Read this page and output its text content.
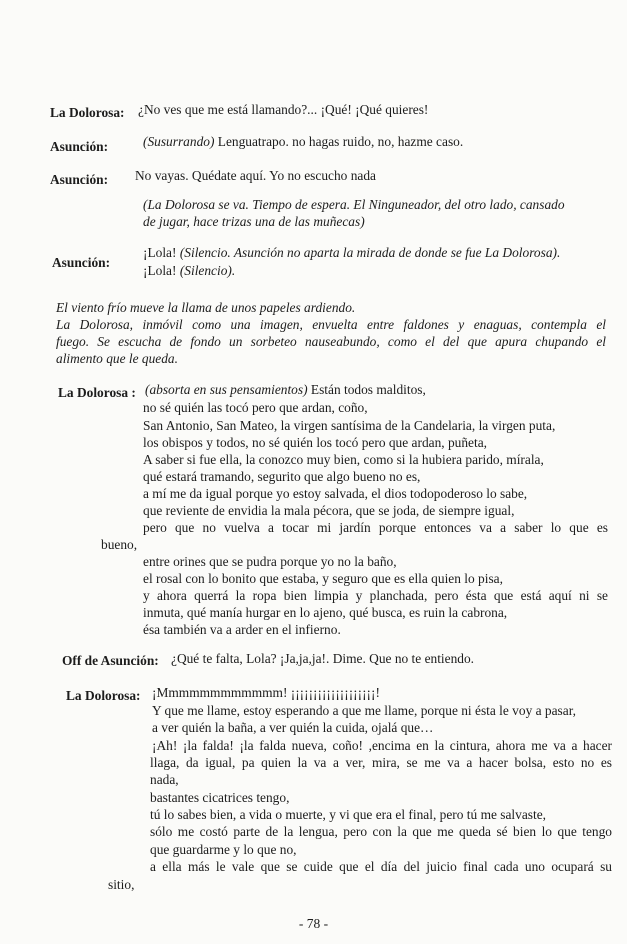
La Dolorosa: ¿No ves que me está llamando?... ¡Qué! ¡Qué quieres!
Asunción:	(Susurrando) Lenguatrapo. no hagas ruido, no, hazme caso.
Asunción: No vayas. Quédate aquí. Yo no escucho nada
(La Dolorosa se va. Tiempo de espera. El Ninguneador, del otro lado, cansado
de jugar, hace trizas una de las muñecas)
Asunción:
¡Lola! (Silencio. Asunción no aparta la mirada de donde se fue La Dolorosa).
¡Lola! (Silencio).
El viento frío mueve la llama de unos papeles ardiendo.
La Dolorosa, inmóvil como una imagen, envuelta entre faldones y enaguas, contempla el
fuego. Se escucha de fondo un sorbeteo nauseabundo, como el del que apura chupando el
alimento que le queda.
La Dolorosa : (absorta en sus pensamientos) Están todos malditos,
no sé quién las tocó pero que ardan, coño,
San Antonio, San Mateo, la virgen santísima de la Candelaria, la virgen puta,
los obispos y todos, no sé quién los tocó pero que ardan, puñeta,
A saber si fue ella, la conozco muy bien, como si la hubiera parido, mírala,
qué estará tramando, segurito que algo bueno no es,
a mí me da igual porque yo estoy salvada, el dios todopoderoso lo sabe,
que reviente de envidia la mala pécora, que se joda, de siempre igual,
pero que no vuelva a tocar mi jardín porque entonces va a saber lo que es
bueno,
entre orines que se pudra porque yo no la baño,
el rosal con lo bonito que estaba, y seguro que es ella quien lo pisa,
y ahora querrá la ropa bien limpia y planchada, pero ésta que está aquí ni se
inmuta, qué manía hurgar en lo ajeno, qué busca, es ruin la cabrona,
ésa también va a arder en el infierno.
Off de Asunción: ¿Qué te falta, Lola? ¡Ja,ja,ja!. Dime. Que no te entiendo.
La Dolorosa: ¡Mmmmmmmmmmmm! ¡¡¡¡¡¡¡¡¡¡¡¡¡¡¡¡¡¡¡!
Y que me llame, estoy esperando a que me llame, porque ni ésta le voy a pasar,
a ver quién la baña, a ver quién la cuida, ojalá que…
¡Ah! ¡la falda! ¡la falda nueva, coño! ,encima en la cintura, ahora me va a hacer
llaga, da igual, pa quien la va a ver, mira, se me va a hacer bolsa, esto no es
nada,
bastantes cicatrices tengo,
tú lo sabes bien, a vida o muerte, y vi que era el final, pero tú me salvaste,
sólo me costó parte de la lengua, pero con la que me queda sé bien lo que tengo
que guardarme y lo que no,
a ella más le vale que se cuide que el día del juicio final cada uno ocupará su
sitio,
- 78 -
